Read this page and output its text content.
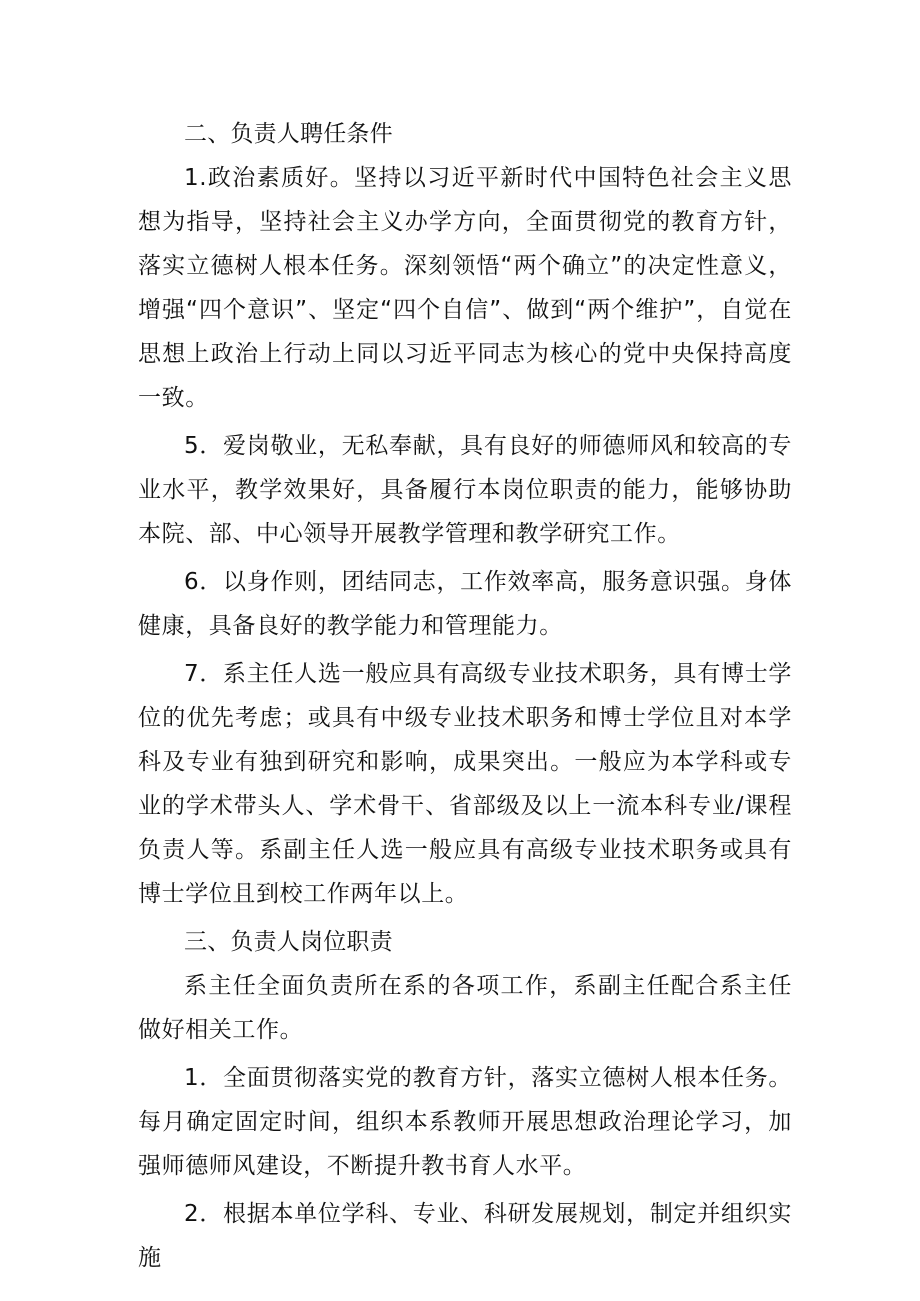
二、负责人聘任条件

1.政治素质好。坚持以习近平新时代中国特色社会主义思想为指导，坚持社会主义办学方向，全面贯彻党的教育方针，落实立德树人根本任务。深刻领悟“两个确立”的决定性意义，增强“四个意识”、坚定“四个自信”、做到“两个维护”，自觉在思想上政治上行动上同以习近平同志为核心的党中央保持高度一致。

5．爱岗敬业，无私奉献，具有良好的师德师风和较高的专业水平，教学效果好，具备履行本岗位职责的能力，能够协助本院、部、中心领导开展教学管理和教学研究工作。

6．以身作则，团结同志，工作效率高，服务意识强。身体健康，具备良好的教学能力和管理能力。

7．系主任人选一般应具有高级专业技术职务，具有博士学位的优先考虑；或具有中级专业技术职务和博士学位且对本学科及专业有独到研究和影响，成果突出。一般应为本学科或专业的学术带头人、学术骨干、省部级及以上一流本科专业/课程负责人等。系副主任人选一般应具有高级专业技术职务或具有博士学位且到校工作两年以上。

三、负责人岗位职责

系主任全面负责所在系的各项工作，系副主任配合系主任做好相关工作。

1．全面贯彻落实党的教育方针，落实立德树人根本任务。每月确定固定时间，组织本系教师开展思想政治理论学习，加强师德师风建设，不断提升教书育人水平。

2．根据本单位学科、专业、科研发展规划，制定并组织实施
